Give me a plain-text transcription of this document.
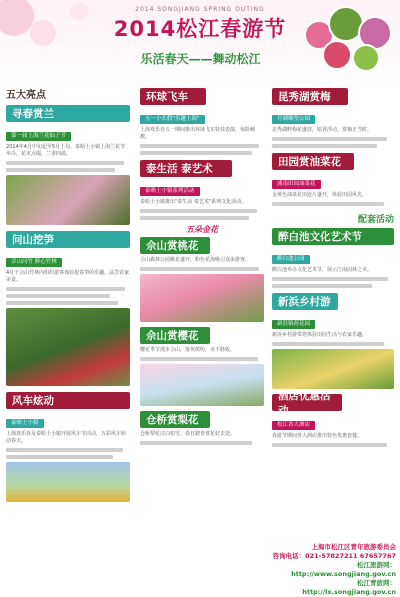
2014 SONGJIANG SPRING OUTING
2014松江春游节
乐活春天——舞动松江
五大亮点
寻春赏兰
第一届上海兰花仙子节
2014年4月中旬起至5月上旬，泰晤士小镇上海兰花节举办，花木点缀，兰香四溢。
问山挖笋
佘山问竹 醉心竹林
4月于佘山竹林内组织游客体验挖春笋的乐趣，品尝农家美食。
风车炫动
泰晤士小镇
上海欢乐谷及泰晤士小镇开展风车节活动，五彩风车转动春天。
环球飞车
五一小长假"乐趣上海"
上海欢乐谷五一期间推出环球飞车特技表演，惊险刺激。
泰生活 泰艺术
泰晤士小镇系列活动
泰晤士小镇推出"泰生活 泰艺术"系列文化活动。
五朵金花
佘山赏桃花
佘山森林公园桃花盛开，粉色花海吸引众多游客。
佘山赏樱花
樱花季节漫步佘山，落英缤纷，美不胜收。
仓桥赏梨花
仓桥梨花洁白如雪，春日踏青赏花好去处。
昆秀湖赏梅
月湖雕塑公园
昆秀湖畔梅花盛放，暗香浮动，赏梅正当时。
田园赏油菜花
浦南田园油菜花
金黄色油菜花田连片盛开，体验田园风光。
配套活动
醉白池文化艺术节
醉白池公园
醉白池举办文化艺术节，展示江南园林之美。
新浜乡村游
新浜镇荷花园
新浜乡村游带您体验田园生活与农家乐趣。
酒店优惠活动
松江各大酒店
春游节期间各大酒店推出特色优惠套餐。
上海市松江区青年旅游委员会
咨询电话：021-57827211 67657767
松江旅游网：http://www.songjiang.gov.cn
松江青旅网：http://lx.songjiang.gov.cn
